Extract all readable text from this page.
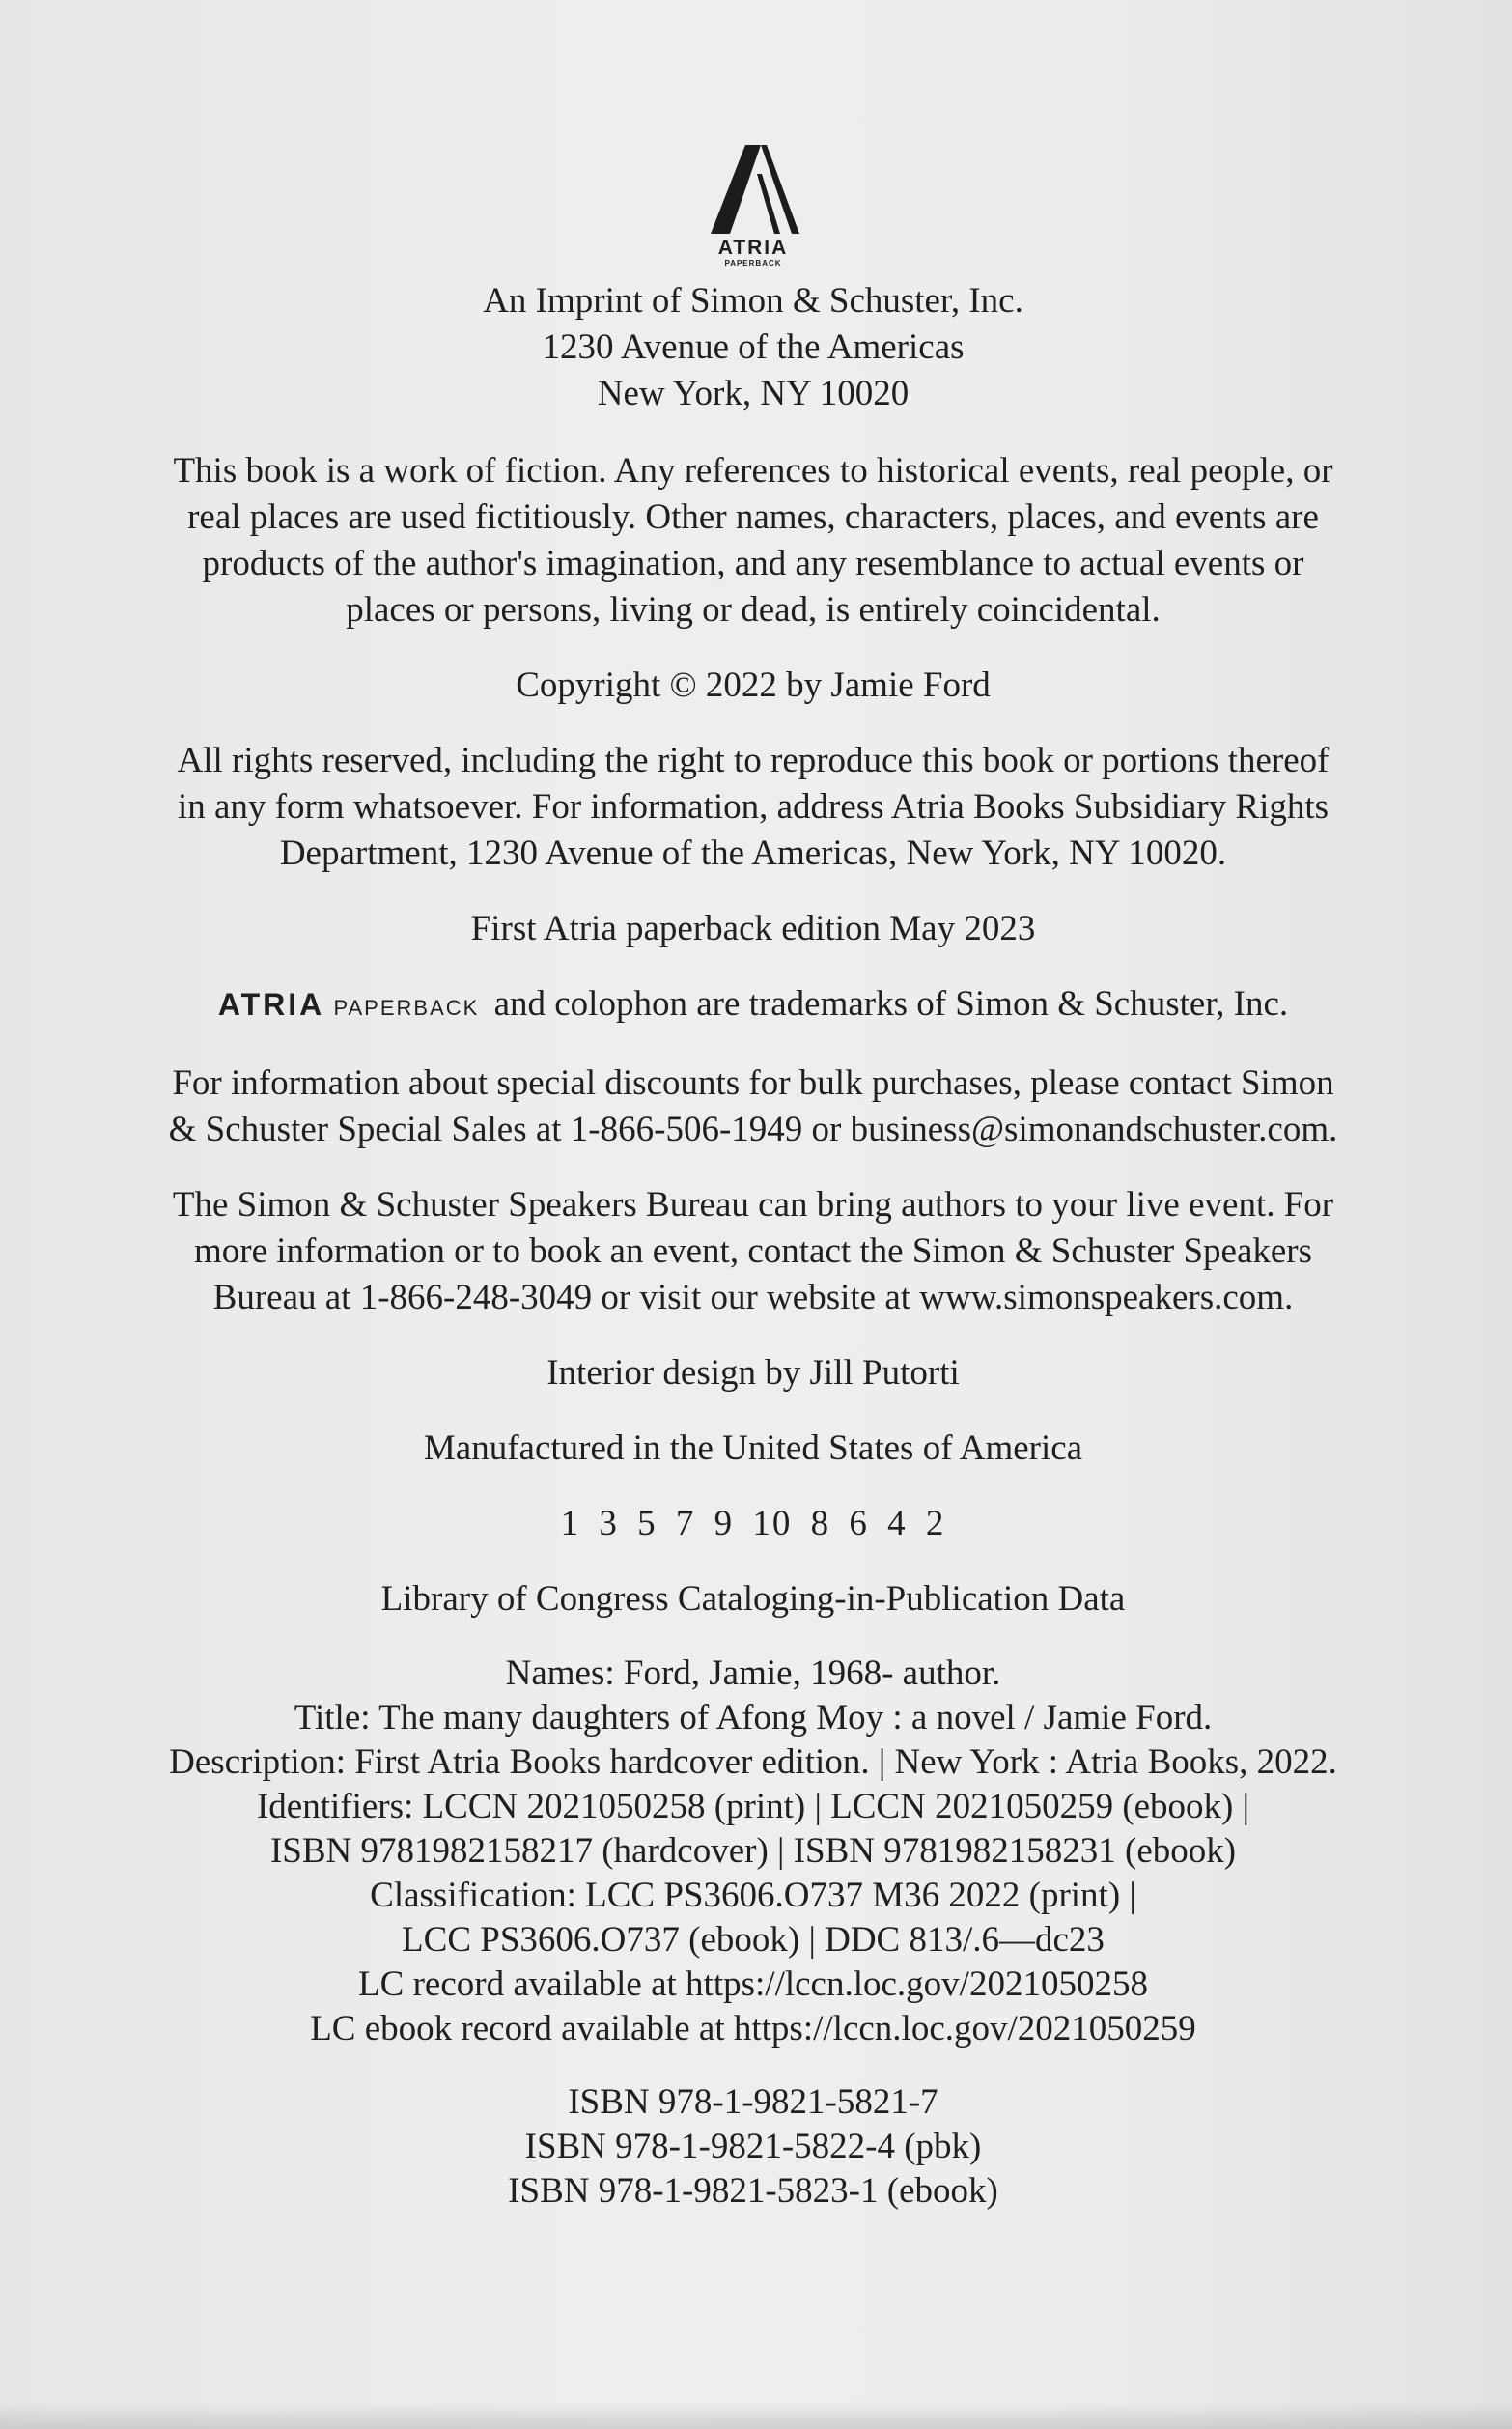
ATRIA
PAPERBACK

An Imprint of Simon & Schuster, Inc.
1230 Avenue of the Americas
New York, NY 10020

This book is a work of fiction. Any references to historical events, real people, or
real places are used fictitiously. Other names, characters, places, and events are
products of the author's imagination, and any resemblance to actual events or
places or persons, living or dead, is entirely coincidental.

Copyright © 2022 by Jamie Ford

All rights reserved, including the right to reproduce this book or portions thereof
in any form whatsoever. For information, address Atria Books Subsidiary Rights
Department, 1230 Avenue of the Americas, New York, NY 10020.

First Atria paperback edition May 2023

ATRIA PAPERBACK and colophon are trademarks of Simon & Schuster, Inc.

For information about special discounts for bulk purchases, please contact Simon
& Schuster Special Sales at 1-866-506-1949 or business@simonandschuster.com.

The Simon & Schuster Speakers Bureau can bring authors to your live event. For
more information or to book an event, contact the Simon & Schuster Speakers
Bureau at 1-866-248-3049 or visit our website at www.simonspeakers.com.

Interior design by Jill Putorti

Manufactured in the United States of America

1 3 5 7 9 10 8 6 4 2

Library of Congress Cataloging-in-Publication Data

Names: Ford, Jamie, 1968- author.
Title: The many daughters of Afong Moy : a novel / Jamie Ford.
Description: First Atria Books hardcover edition. | New York : Atria Books, 2022.
Identifiers: LCCN 2021050258 (print) | LCCN 2021050259 (ebook) |
ISBN 9781982158217 (hardcover) | ISBN 9781982158231 (ebook)
Classification: LCC PS3606.O737 M36 2022 (print) |
LCC PS3606.O737 (ebook) | DDC 813/.6—dc23
LC record available at https://lccn.loc.gov/2021050258
LC ebook record available at https://lccn.loc.gov/2021050259

ISBN 978-1-9821-5821-7
ISBN 978-1-9821-5822-4 (pbk)
ISBN 978-1-9821-5823-1 (ebook)
